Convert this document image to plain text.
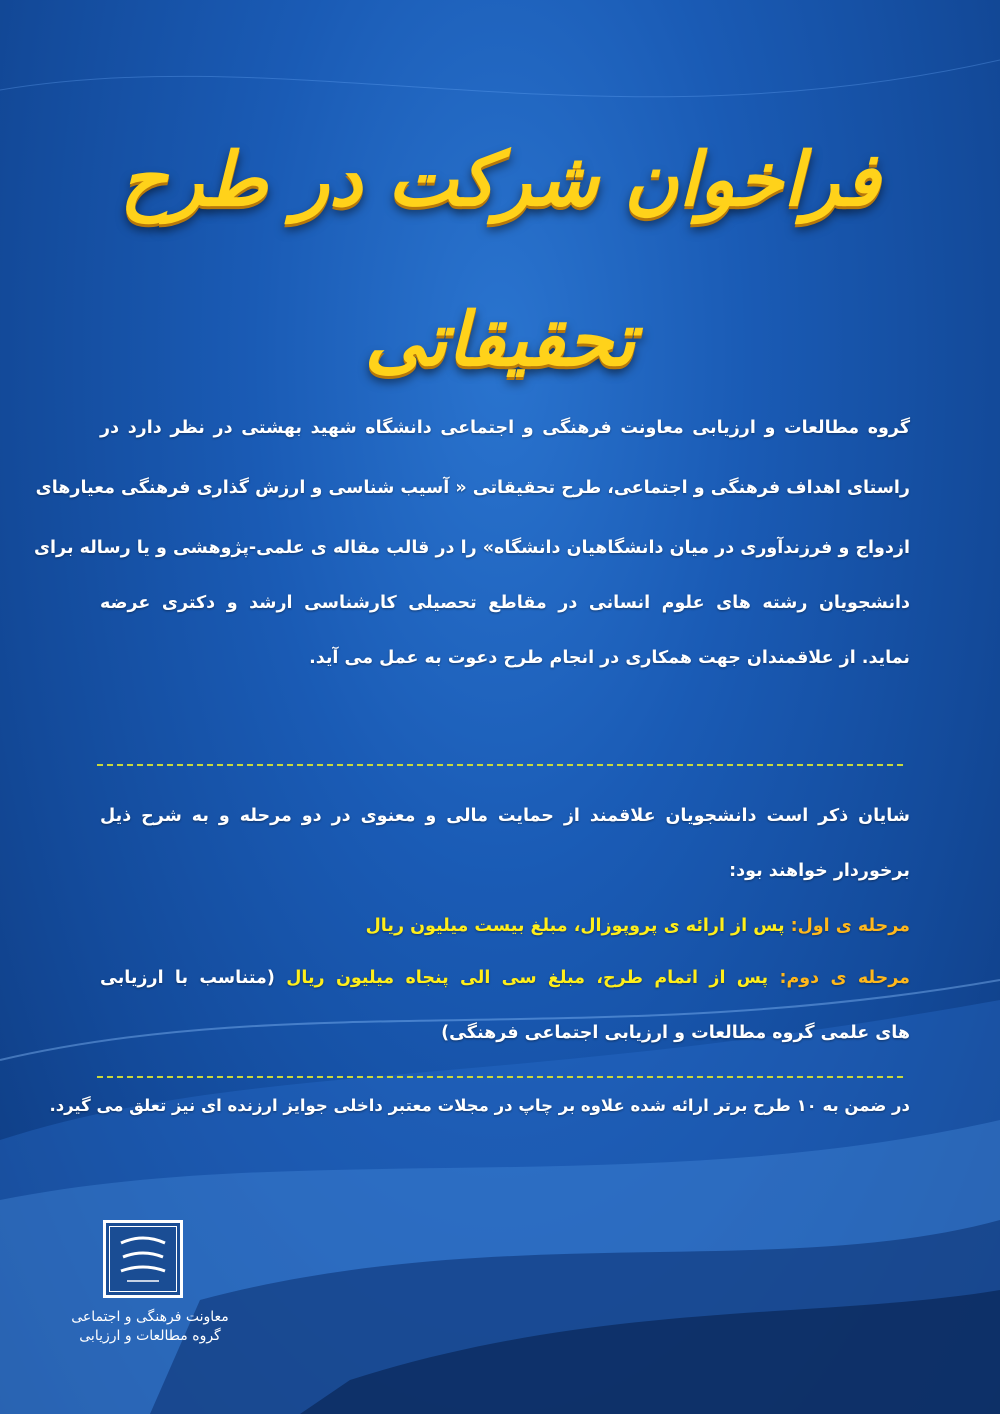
فراخوان شرکت در طرح تحقیقاتی
گروه مطالعات و ارزیابی معاونت فرهنگی و اجتماعی دانشگاه شهید بهشتی در نظر دارد در
راستای اهداف فرهنگی و اجتماعی، طرح تحقیقاتی « آسیب شناسی و ارزش گذاری فرهنگی معیارهای
ازدواج و فرزندآوری در میان دانشگاهیان دانشگاه» را در قالب مقاله ی علمی-پژوهشی و یا رساله برای
دانشجویان رشته های علوم انسانی در مقاطع تحصیلی کارشناسی ارشد و دکتری عرضه
نماید. از علاقمندان جهت همکاری در انجام طرح دعوت به عمل می آید.
شایان ذکر است دانشجویان علاقمند از حمایت مالی و معنوی در دو مرحله و به شرح ذیل
برخوردار خواهند بود:
مرحله ی اول: پس از ارائه ی پروپوزال، مبلغ بیست میلیون ریال
مرحله ی دوم: پس از اتمام طرح، مبلغ سی الی پنجاه میلیون ریال (متناسب با ارزیابی
های علمی گروه مطالعات و ارزیابی اجتماعی فرهنگی)
در ضمن به ۱۰ طرح برتر ارائه شده علاوه بر چاپ در مجلات معتبر داخلی جوایز ارزنده ای نیز تعلق می گیرد.
معاونت فرهنگی و اجتماعی
گروه مطالعات و ارزیابی
